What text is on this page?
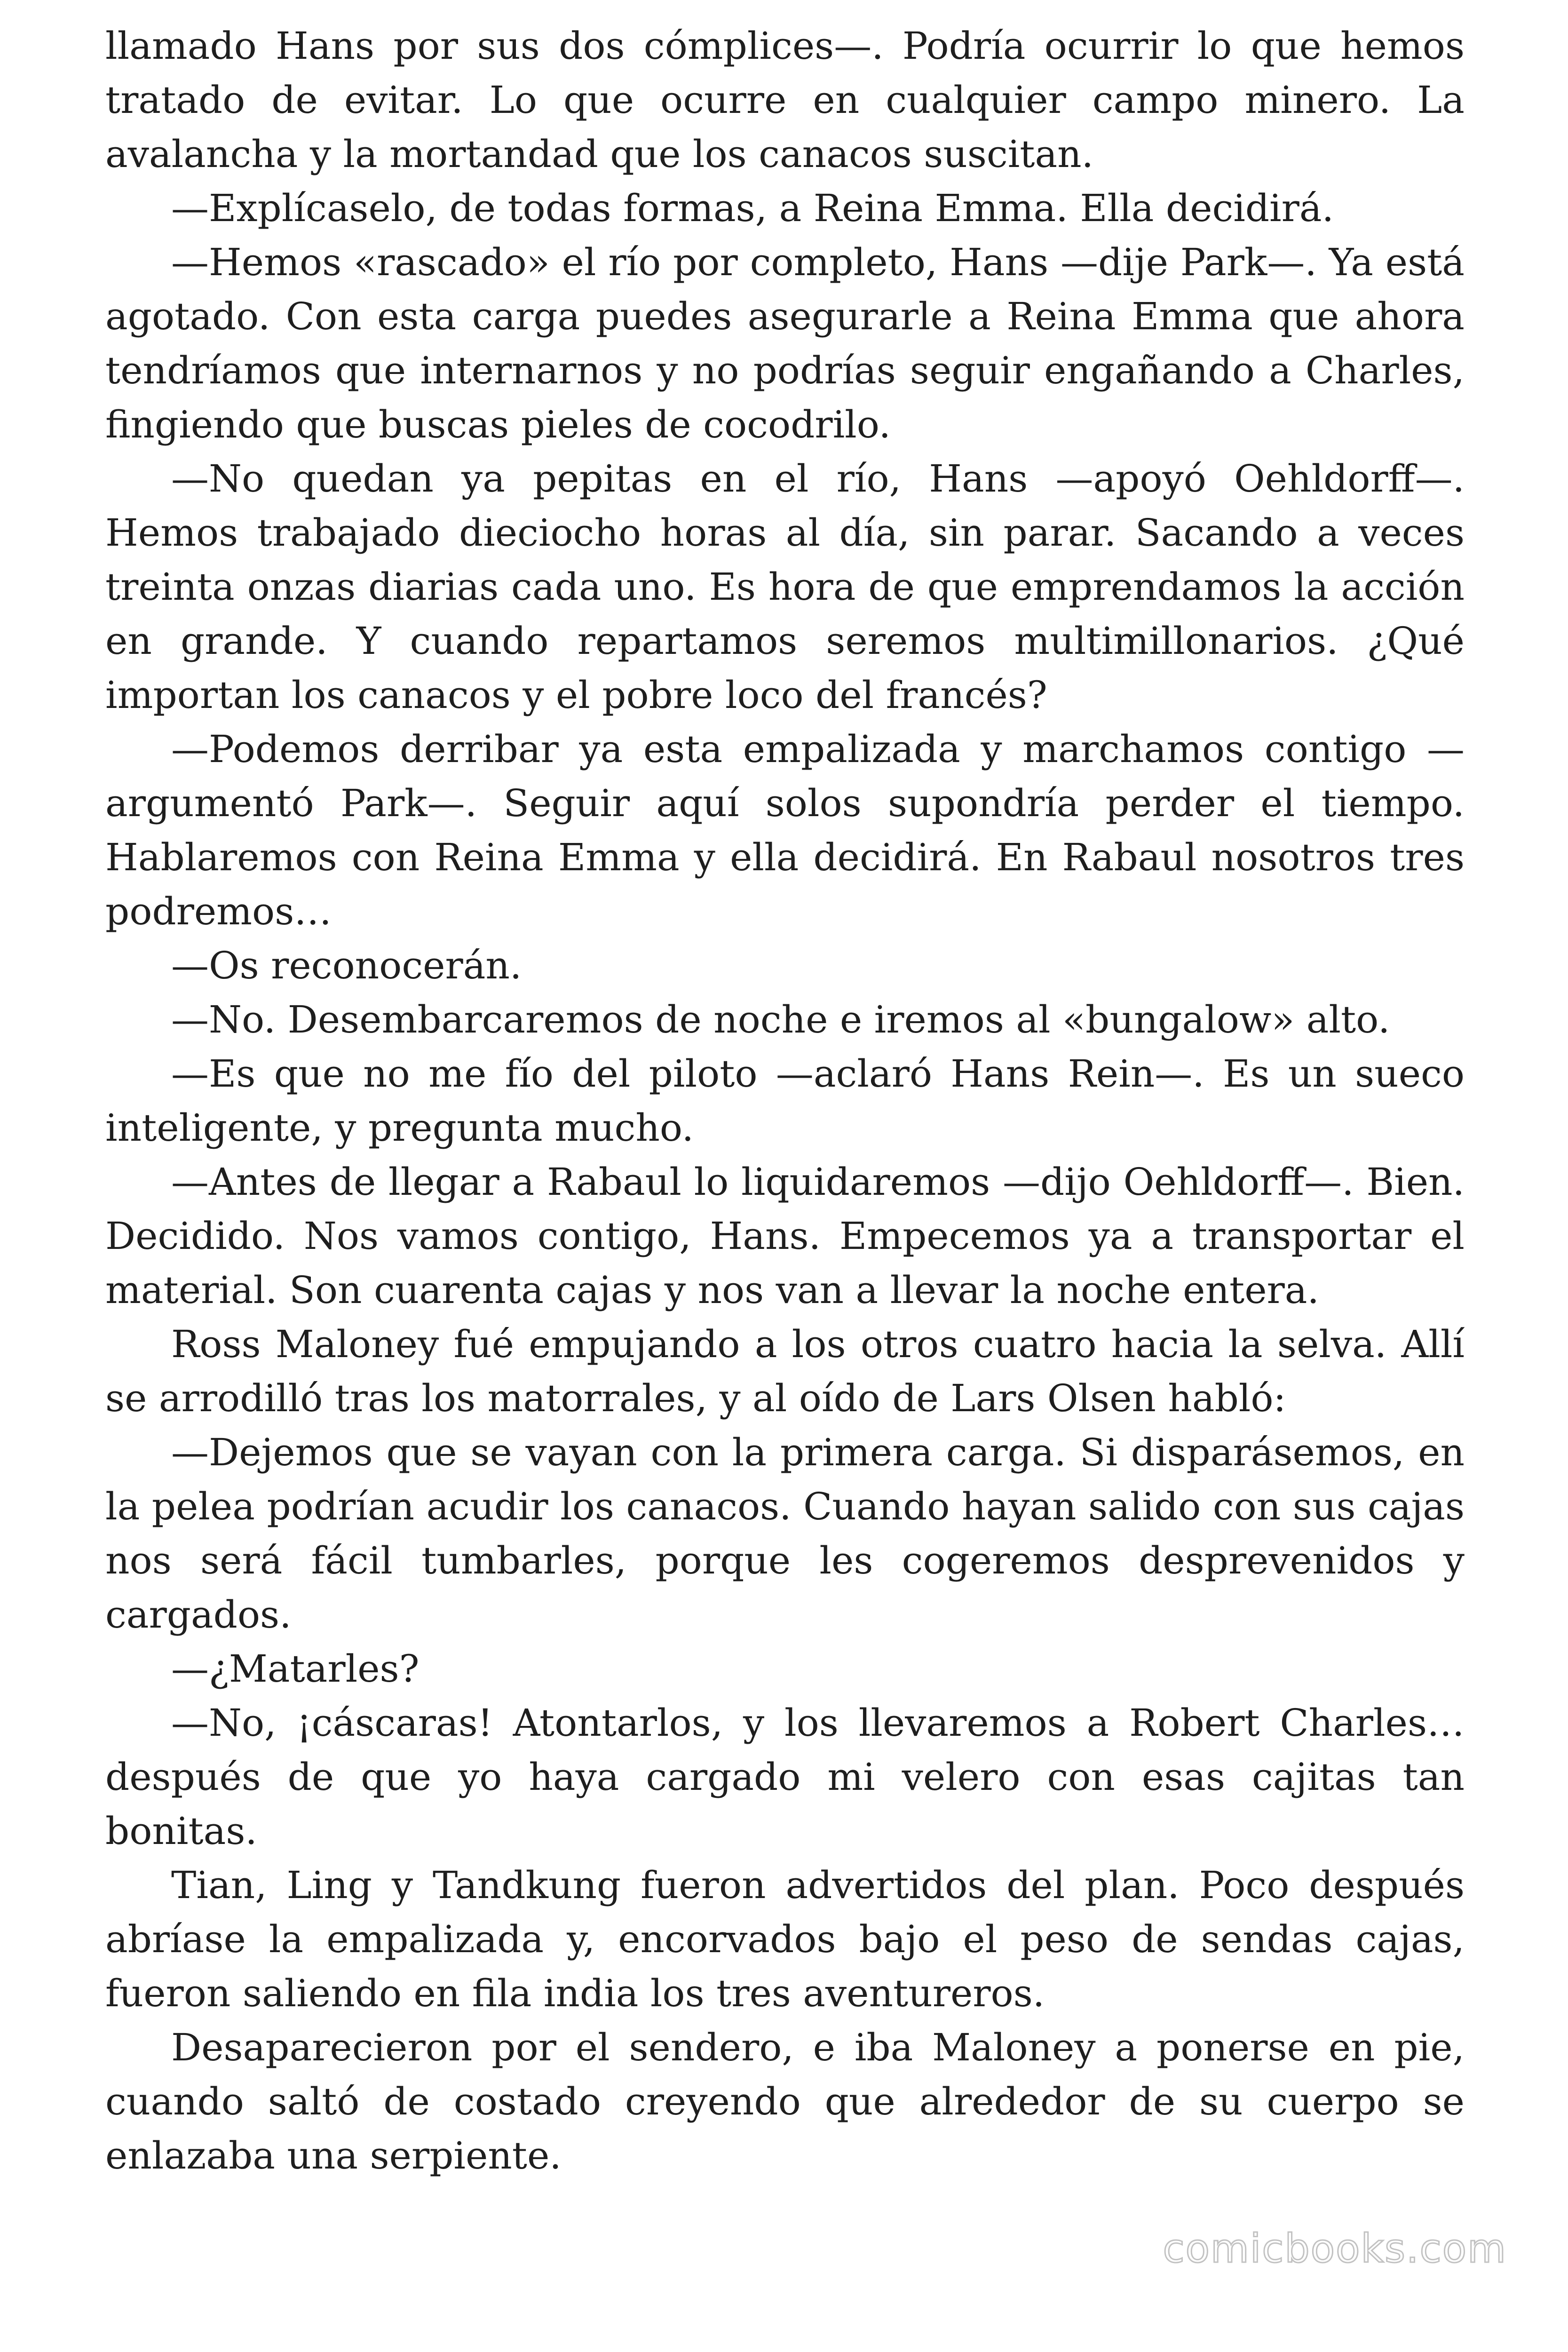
llamado Hans por sus dos cómplices—. Podría ocurrir lo que hemos tratado de evitar. Lo que ocurre en cualquier campo minero. La avalancha y la mortandad que los canacos suscitan.

—Explícaselo, de todas formas, a Reina Emma. Ella decidirá.

—Hemos «rascado» el río por completo, Hans —dije Park—. Ya está agotado. Con esta carga puedes asegurarle a Reina Emma que ahora tendríamos que internarnos y no podrías seguir engañando a Charles, fingiendo que buscas pieles de cocodrilo.

—No quedan ya pepitas en el río, Hans —apoyó Oehldorff—. Hemos trabajado dieciocho horas al día, sin parar. Sacando a veces treinta onzas diarias cada uno. Es hora de que emprendamos la acción en grande. Y cuando repartamos seremos multimillonarios. ¿Qué importan los canacos y el pobre loco del francés?

—Podemos derribar ya esta empalizada y marchamos contigo —argumentó Park—. Seguir aquí solos supondría perder el tiempo. Hablaremos con Reina Emma y ella decidirá. En Rabaul nosotros tres podremos…

—Os reconocerán.

—No. Desembarcaremos de noche e iremos al «bungalow» alto.

—Es que no me fío del piloto —aclaró Hans Rein—. Es un sueco inteligente, y pregunta mucho.

—Antes de llegar a Rabaul lo liquidaremos —dijo Oehldorff—. Bien. Decidido. Nos vamos contigo, Hans. Empecemos ya a transportar el material. Son cuarenta cajas y nos van a llevar la noche entera.

Ross Maloney fué empujando a los otros cuatro hacia la selva. Allí se arrodilló tras los matorrales, y al oído de Lars Olsen habló:

—Dejemos que se vayan con la primera carga. Si disparásemos, en la pelea podrían acudir los canacos. Cuando hayan salido con sus cajas nos será fácil tumbarles, porque les cogeremos desprevenidos y cargados.

—¿Matarles?

—No, ¡cáscaras! Atontarlos, y los llevaremos a Robert Charles… después de que yo haya cargado mi velero con esas cajitas tan bonitas.

Tian, Ling y Tandkung fueron advertidos del plan. Poco después abríase la empalizada y, encorvados bajo el peso de sendas cajas, fueron saliendo en fila india los tres aventureros.

Desaparecieron por el sendero, e iba Maloney a ponerse en pie, cuando saltó de costado creyendo que alrededor de su cuerpo se enlazaba una serpiente.

comicbooks.com
